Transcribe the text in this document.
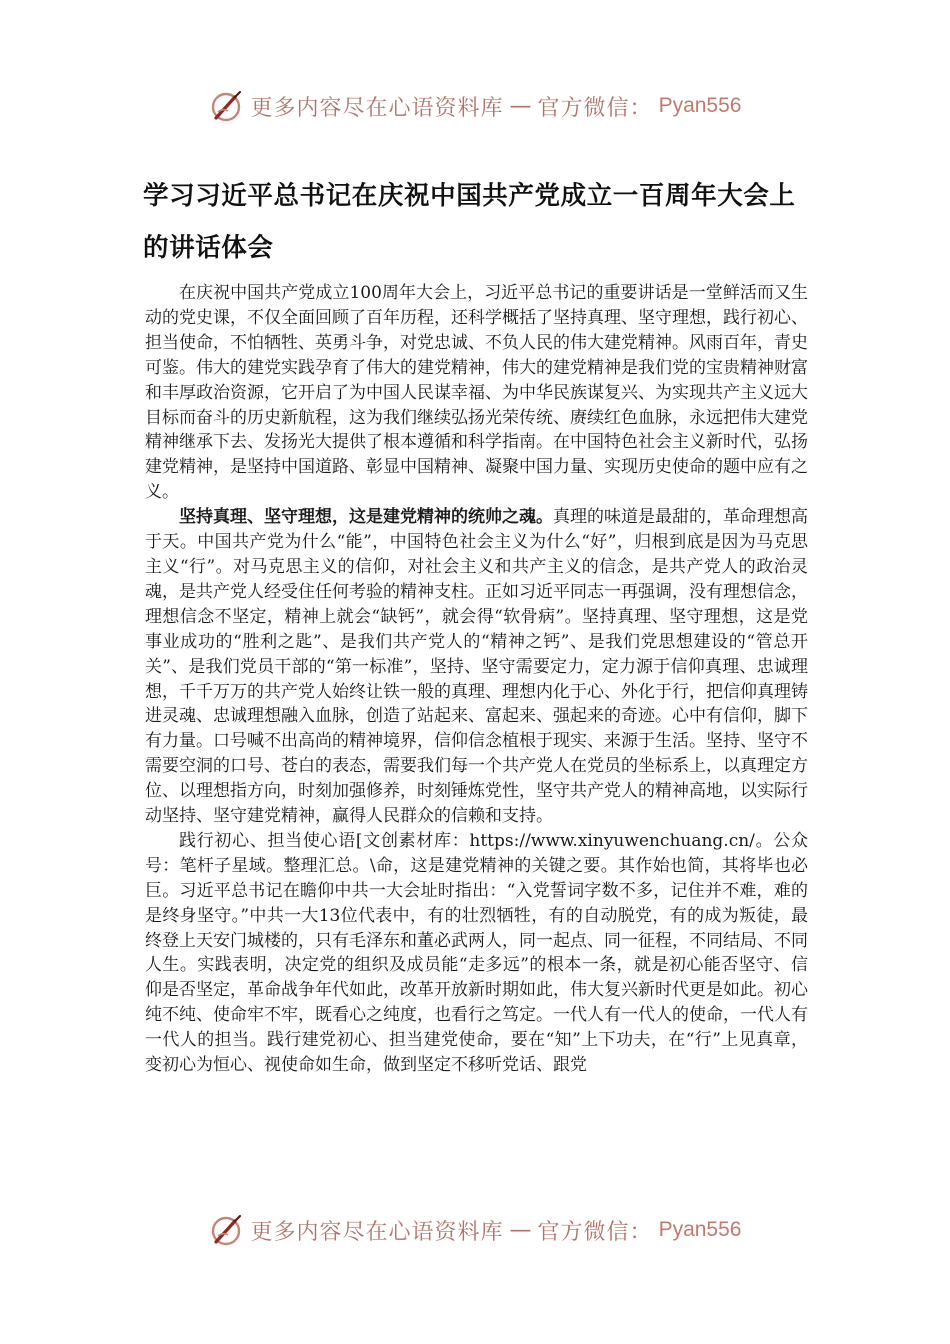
更多内容尽在心语资料库 — 官方微信： Pyan556
学习习近平总书记在庆祝中国共产党成立一百周年大会上的讲话体会

在庆祝中国共产党成立100周年大会上，习近平总书记的重要讲话是一堂鲜活而又生动的党史课，不仅全面回顾了百年历程，还科学概括了坚持真理、坚守理想，践行初心、担当使命，不怕牺牲、英勇斗争，对党忠诚、不负人民的伟大建党精神。风雨百年，青史可鉴。伟大的建党实践孕育了伟大的建党精神，伟大的建党精神是我们党的宝贵精神财富和丰厚政治资源，它开启了为中国人民谋幸福、为中华民族谋复兴、为实现共产主义远大目标而奋斗的历史新航程，这为我们继续弘扬光荣传统、赓续红色血脉，永远把伟大建党精神继承下去、发扬光大提供了根本遵循和科学指南。在中国特色社会主义新时代，弘扬建党精神，是坚持中国道路、彰显中国精神、凝聚中国力量、实现历史使命的题中应有之义。

坚持真理、坚守理想，这是建党精神的统帅之魂。真理的味道是最甜的，革命理想高于天。中国共产党为什么“能”，中国特色社会主义为什么“好”，归根到底是因为马克思主义“行”。对马克思主义的信仰，对社会主义和共产主义的信念，是共产党人的政治灵魂，是共产党人经受住任何考验的精神支柱。正如习近平同志一再强调，没有理想信念，理想信念不坚定，精神上就会“缺钙”，就会得“软骨病”。坚持真理、坚守理想，这是党事业成功的“胜利之匙”、是我们共产党人的“精神之钙”、是我们党思想建设的“管总开关”、是我们党员干部的“第一标准”，坚持、坚守需要定力，定力源于信仰真理、忠诚理想，千千万万的共产党人始终让铁一般的真理、理想内化于心、外化于行，把信仰真理铸进灵魂、忠诚理想融入血脉，创造了站起来、富起来、强起来的奇迹。心中有信仰，脚下有力量。口号喊不出高尚的精神境界，信仰信念植根于现实、来源于生活。坚持、坚守不需要空洞的口号、苍白的表态，需要我们每一个共产党人在党员的坐标系上，以真理定方位、以理想指方向，时刻加强修养，时刻锤炼党性，坚守共产党人的精神高地，以实际行动坚持、坚守建党精神，赢得人民群众的信赖和支持。

践行初心、担当使心语[文创素材库：https://www.xinyuwenchuang.cn/。公众号：笔杆子星域。整理汇总。\命，这是建党精神的关键之要。其作始也简，其将毕也必巨。习近平总书记在瞻仰中共一大会址时指出：“入党誓词字数不多，记住并不难，难的是终身坚守。”中共一大13位代表中，有的壮烈牺牲，有的自动脱党，有的成为叛徒，最终登上天安门城楼的，只有毛泽东和董必武两人，同一起点、同一征程，不同结局、不同人生。实践表明，决定党的组织及成员能“走多远”的根本一条，就是初心能否坚守、信仰是否坚定，革命战争年代如此，改革开放新时期如此，伟大复兴新时代更是如此。初心纯不纯、使命牢不牢，既看心之纯度，也看行之笃定。一代人有一代人的使命，一代人有一代人的担当。践行建党初心、担当建党使命，要在“知”上下功夫，在“行”上见真章，变初心为恒心、视使命如生命，做到坚定不移听党话、跟党

更多内容尽在心语资料库 — 官方微信： Pyan556
